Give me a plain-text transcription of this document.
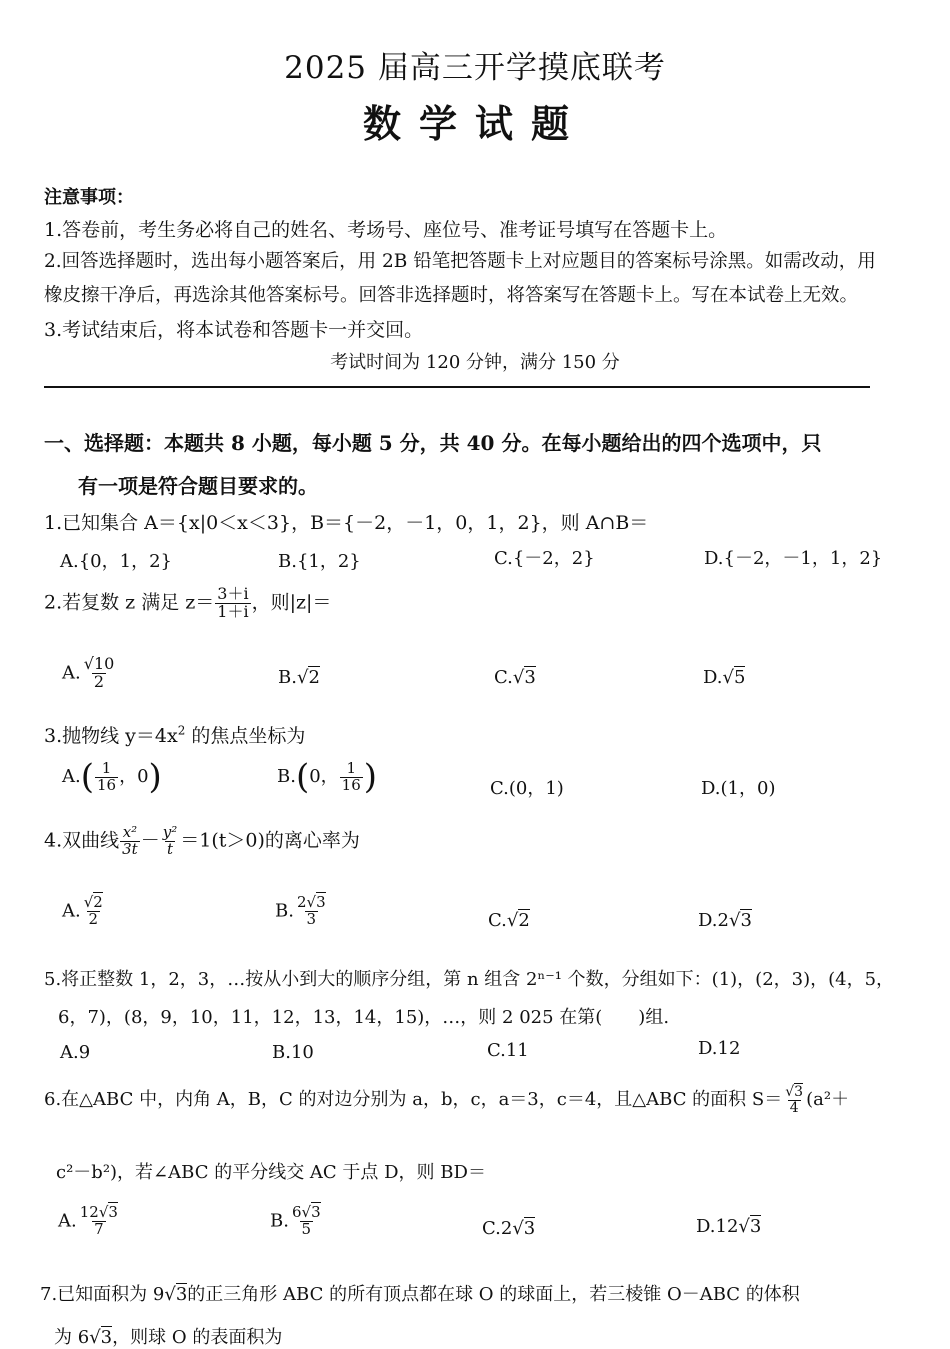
2025 届高三开学摸底联考
数学试题
注意事项：
1.答卷前，考生务必将自己的姓名、考场号、座位号、准考证号填写在答题卡上。
2.回答选择题时，选出每小题答案后，用 2B 铅笔把答题卡上对应题目的答案标号涂黑。如需改动，用
橡皮擦干净后，再选涂其他答案标号。回答非选择题时，将答案写在答题卡上。写在本试卷上无效。
3.考试结束后，将本试卷和答题卡一并交回。
考试时间为 120 分钟，满分 150 分
一、选择题：本题共 8 小题，每小题 5 分，共 40 分。在每小题给出的四个选项中，只
有一项是符合题目要求的。
1.已知集合 A＝{x|0＜x＜3}，B＝{－2，－1，0，1，2}，则 A∩B＝
A.{0，1，2}	B.{1，2}	C.{－2，2}	D.{－2，－1，1，2}
2.若复数 z 满足 $z= \frac{3+i}{1+i}$ ，则|z|＝
A. $\frac{√10}{2}$	B.√2	C.√3	D.√5
3.抛物线 $y=4x^2$ 的焦点坐标为
$A.( \frac{1}{16}$ ，0)	B.(0， $\frac{1}{16}$ )	C.(0，1)	D.(1，0)
4.双曲线 $\frac{\text{x²}}{3t} - \frac{\text{y²}}{t} =1(t>0)$的离心率为
A. $\frac{√2}{2}$	B. $\frac{2√3}{3}$	C.√2	D.2√3
5.将正整数 1，2，3，…按从小到大的顺序分组，第 n 组含 2ⁿ⁻¹ 个数，分组如下：(1)，(2，3)，(4，5，
6，7)，(8，9，10，11，12，13，14，15)，…，则 2 025 在第(　　)组.
A.9	B.10	C.11	D.12
6.在△ABC 中，内角 A，B，C 的对边分别为 a，b，c，a＝3，c＝4，且△ABC 的面积 $S= \frac{√3}{4} (a^2+$
c²－b²)，若∠ABC 的平分线交 AC 于点 D，则 BD＝
A. $\frac{12√3}{7}$	B. $\frac{6√3}{5}$	C.2√3	D.12√3
7.已知面积为 9√3的正三角形 ABC 的所有顶点都在球 O 的球面上，若三棱锥 O－ABC 的体积
为 6√3，则球 O 的表面积为
